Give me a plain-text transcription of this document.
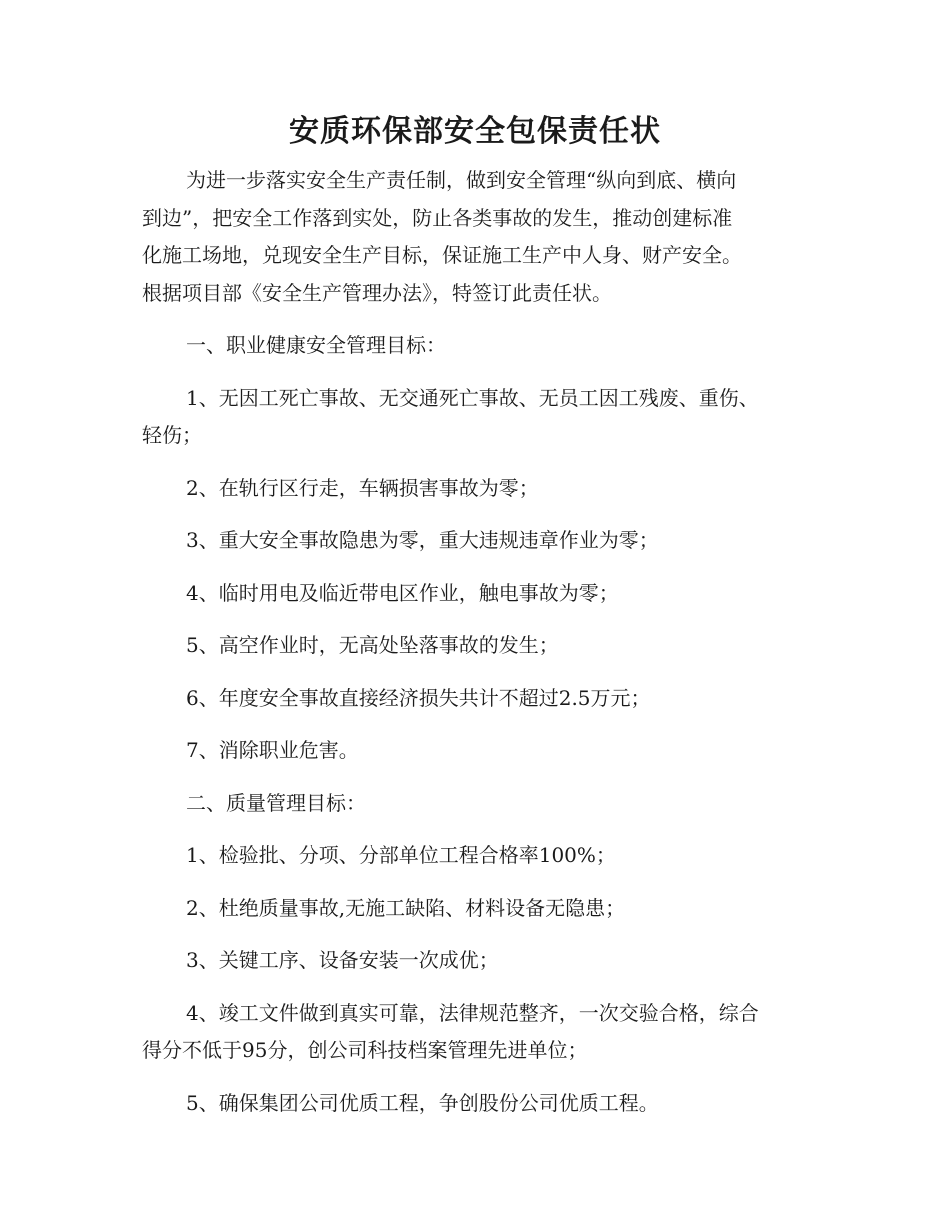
安质环保部安全包保责任状

为进一步落实安全生产责任制，做到安全管理“纵向到底、横向

到边”，把安全工作落到实处，防止各类事故的发生，推动创建标准

化施工场地，兑现安全生产目标，保证施工生产中人身、财产安全。

根据项目部《安全生产管理办法》，特签订此责任状。

一、职业健康安全管理目标：

1、无因工死亡事故、无交通死亡事故、无员工因工残废、重伤、

轻伤；

2、在轨行区行走，车辆损害事故为零；

3、重大安全事故隐患为零，重大违规违章作业为零；

4、临时用电及临近带电区作业，触电事故为零；

5、高空作业时，无高处坠落事故的发生；

6、年度安全事故直接经济损失共计不超过2.5万元；

7、消除职业危害。

二、质量管理目标：

1、检验批、分项、分部单位工程合格率100%；

2、杜绝质量事故,无施工缺陷、材料设备无隐患；

3、关键工序、设备安装一次成优；

4、竣工文件做到真实可靠，法律规范整齐，一次交验合格，综合

得分不低于95分，创公司科技档案管理先进单位；

5、确保集团公司优质工程，争创股份公司优质工程。
